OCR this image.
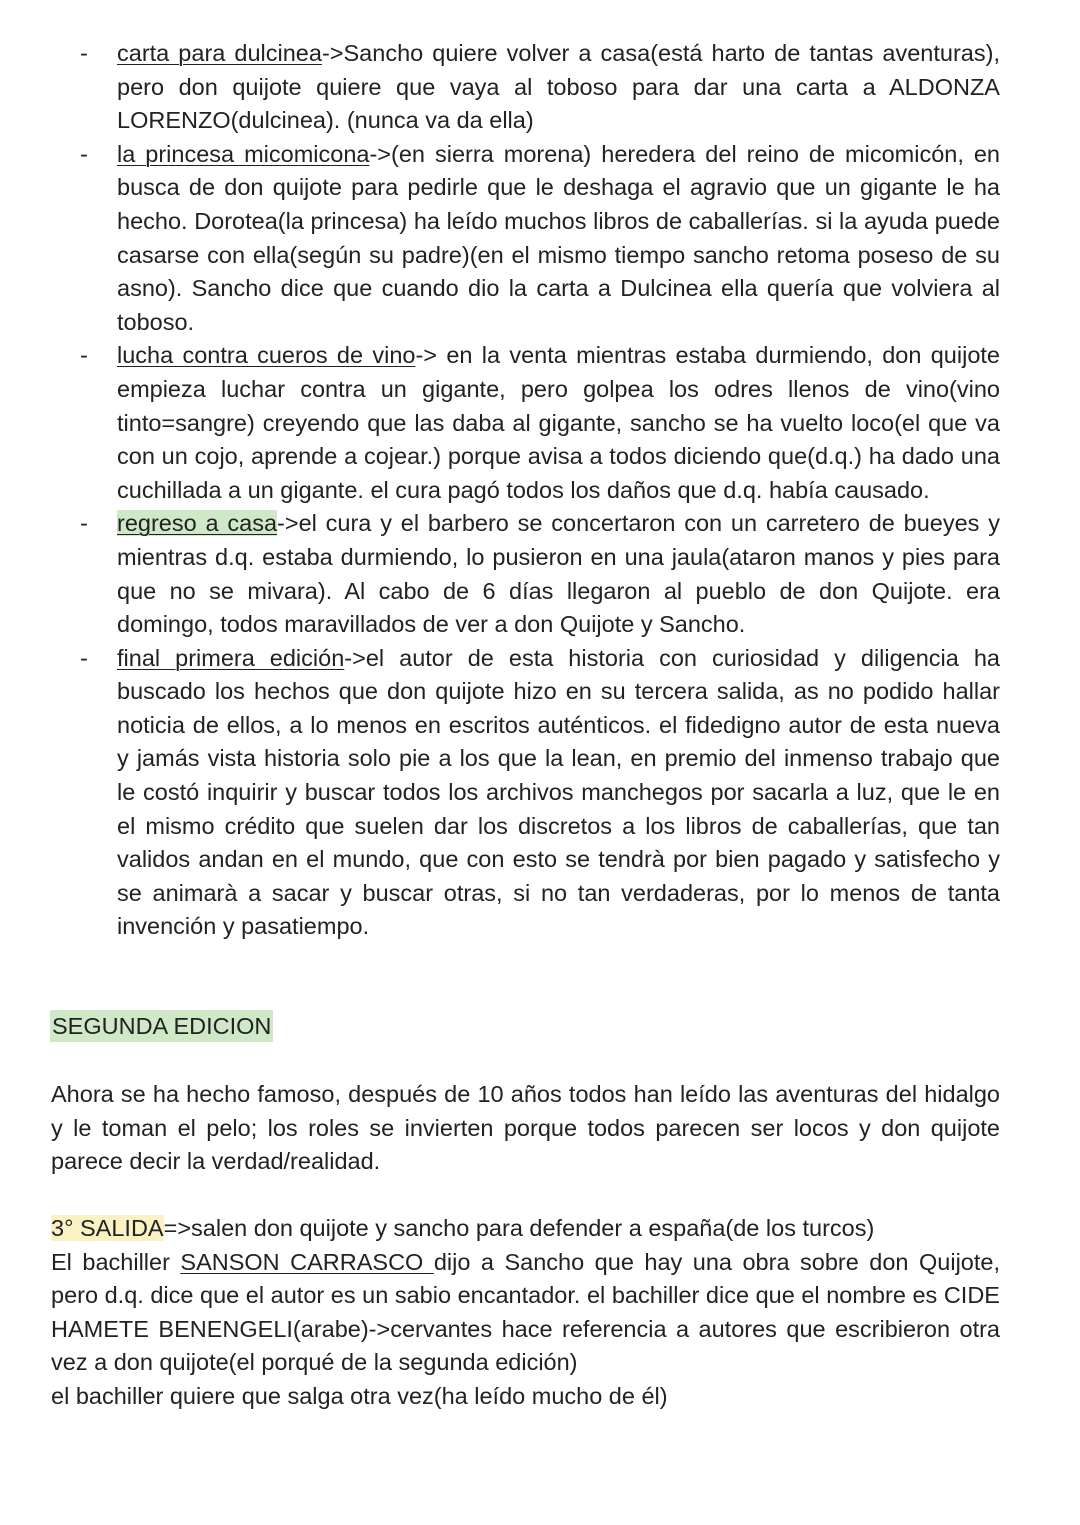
- carta para dulcinea->Sancho quiere volver a casa(está harto de tantas aventuras), pero don quijote quiere que vaya al toboso para dar una carta a ALDONZA LORENZO(dulcinea). (nunca va da ella)
- la princesa micomicona->(en sierra morena) heredera del reino de micomicón, en busca de don quijote para pedirle que le deshaga el agravio que un gigante le ha hecho. Dorotea(la princesa) ha leído muchos libros de caballerías. si la ayuda puede casarse con ella(según su padre)(en el mismo tiempo sancho retoma poseso de su asno). Sancho dice que cuando dio la carta a Dulcinea ella quería que volviera al toboso.
- lucha contra cueros de vino-> en la venta mientras estaba durmiendo, don quijote empieza luchar contra un gigante, pero golpea los odres llenos de vino(vino tinto=sangre) creyendo que las daba al gigante, sancho se ha vuelto loco(el que va con un cojo, aprende a cojear.) porque avisa a todos diciendo que(d.q.) ha dado una cuchillada a un gigante. el cura pagó todos los daños que d.q. había causado.
- regreso a casa->el cura y el barbero se concertaron con un carretero de bueyes y mientras d.q. estaba durmiendo, lo pusieron en una jaula(ataron manos y pies para que no se mivara). Al cabo de 6 días llegaron al pueblo de don Quijote. era domingo, todos maravillados de ver a don Quijote y Sancho.
- final primera edición->el autor de esta historia con curiosidad y diligencia ha buscado los hechos que don quijote hizo en su tercera salida, as no podido hallar noticia de ellos, a lo menos en escritos auténticos. el fidedigno autor de esta nueva y jamás vista historia solo pie a los que la lean, en premio del inmenso trabajo que le costó inquirir y buscar todos los archivos manchegos por sacarla a luz, que le en el mismo crédito que suelen dar los discretos a los libros de caballerías, que tan validos andan en el mundo, que con esto se tendrà por bien pagado y satisfecho y se animarà a sacar y buscar otras, si no tan verdaderas, por lo menos de tanta invención y pasatiempo.
SEGUNDA EDICION

Ahora se ha hecho famoso, después de 10 años todos han leído las aventuras del hidalgo y le toman el pelo; los roles se invierten porque todos parecen ser locos y don quijote parece decir la verdad/realidad.

3° SALIDA=>salen don quijote y sancho para defender a españa(de los turcos)
El bachiller SANSON CARRASCO dijo a Sancho que hay una obra sobre don Quijote, pero d.q. dice que el autor es un sabio encantador. el bachiller dice que el nombre es CIDE HAMETE BENENGELI(arabe)->cervantes hace referencia a autores que escribieron otra vez a don quijote(el porqué de la segunda edición)
el bachiller quiere que salga otra vez(ha leído mucho de él)
